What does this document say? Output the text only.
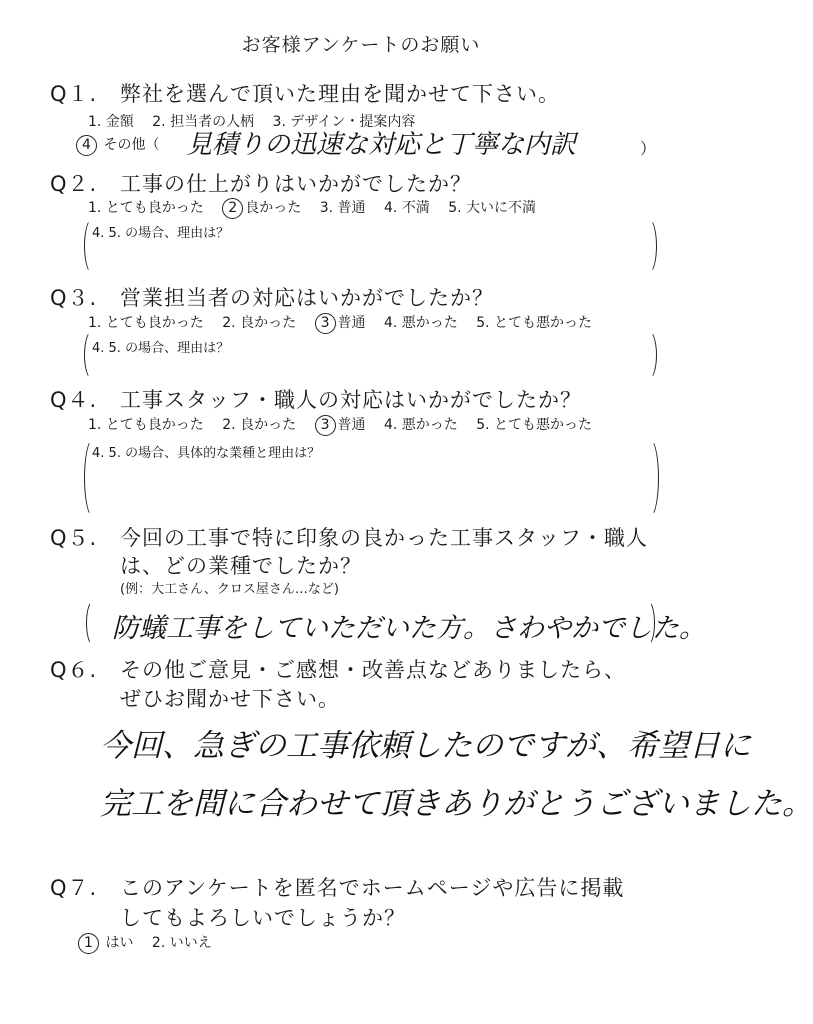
お客様アンケートのお願い
Q１. 弊社を選んで頂いた理由を聞かせて下さい。
1. 金額 2. 担当者の人柄 3. デザイン・提案内容
4 その他（ 見積りの迅速な対応と丁寧な内訳	）
Q２. 工事の仕上がりはいかがでしたか？
1. とても良かった 2 良かった 3. 普通 4. 不満 5. 大いに不満
4. 5. の場合、理由は？
Q３. 営業担当者の対応はいかがでしたか？
1. とても良かった 2. 良かった 3 普通 4. 悪かった 5. とても悪かった
4. 5. の場合、理由は？
Q４. 工事スタッフ・職人の対応はいかがでしたか？
1. とても良かった 2. 良かった 3 普通 4. 悪かった 5. とても悪かった
4. 5. の場合、具体的な業種と理由は？
Q５. 今回の工事で特に印象の良かった工事スタッフ・職人
は、どの業種でしたか？
(例：大工さん、クロス屋さん…など)
防蟻工事をしていただいた方。さわやかでした。
Q６. その他ご意見・ご感想・改善点などありましたら、
ぜひお聞かせ下さい。
今回、急ぎの工事依頼したのですが、希望日に
完工を間に合わせて頂きありがとうございました。
Q７. このアンケートを匿名でホームページや広告に掲載
してもよろしいでしょうか？
1 はい 2. いいえ
